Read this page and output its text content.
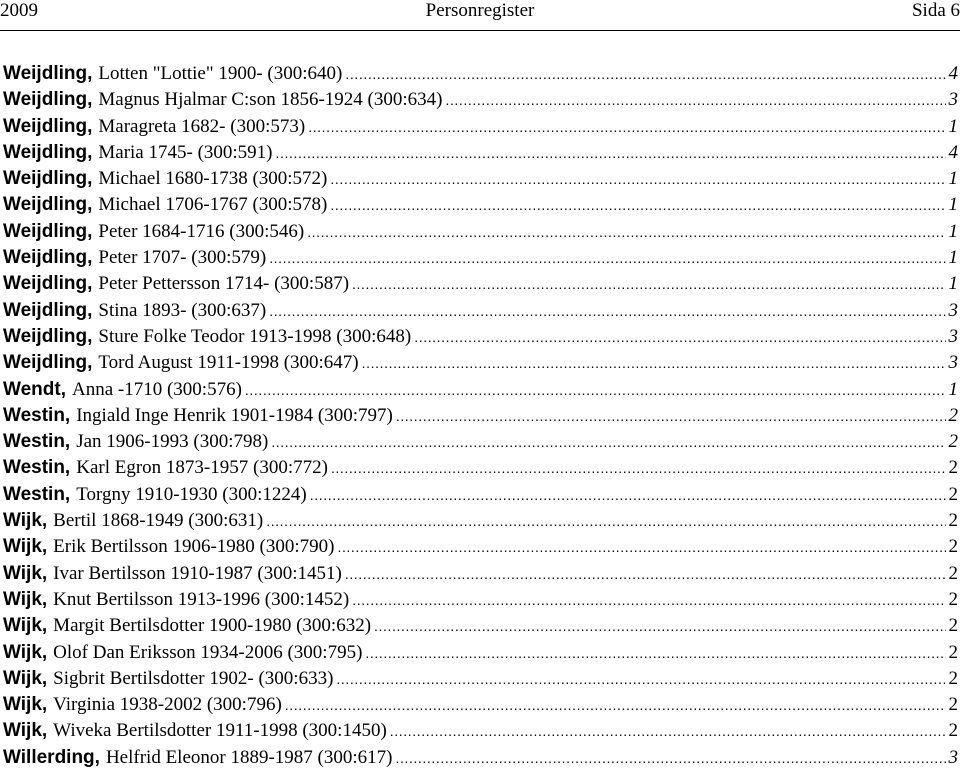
Personregister
2009	Sida 6
Weijdling, Lotten "Lottie" 1900- (300:640) .....	4
Weijdling, Magnus Hjalmar C:son 1856-1924 (300:634) .....	3
Weijdling, Maragreta 1682- (300:573) .....	1
Weijdling, Maria 1745- (300:591) .....	4
Weijdling, Michael 1680-1738 (300:572) .....	1
Weijdling, Michael 1706-1767 (300:578) .....	1
Weijdling, Peter 1684-1716 (300:546) .....	1
Weijdling, Peter 1707- (300:579) .....	1
Weijdling, Peter Pettersson 1714- (300:587) .....	1
Weijdling, Stina 1893- (300:637) .....	3
Weijdling, Sture Folke Teodor 1913-1998 (300:648) .....	3
Weijdling, Tord August 1911-1998 (300:647) .....	3
Wendt, Anna -1710 (300:576) .....	1
Westin, Ingiald Inge Henrik 1901-1984 (300:797) .....	2
Westin, Jan 1906-1993 (300:798) .....	2
Westin, Karl Egron 1873-1957 (300:772) .....	2
Westin, Torgny 1910-1930 (300:1224) .....	2
Wijk, Bertil 1868-1949 (300:631) .....	2
Wijk, Erik Bertilsson 1906-1980 (300:790) .....	2
Wijk, Ivar Bertilsson 1910-1987 (300:1451) .....	2
Wijk, Knut Bertilsson 1913-1996 (300:1452) .....	2
Wijk, Margit Bertilsdotter 1900-1980 (300:632) .....	2
Wijk, Olof Dan Eriksson 1934-2006 (300:795) .....	2
Wijk, Sigbrit Bertilsdotter 1902- (300:633) .....	2
Wijk, Virginia 1938-2002 (300:796) .....	2
Wijk, Wiveka Bertilsdotter 1911-1998 (300:1450) .....	2
Willerding, Helfrid Eleonor 1889-1987 (300:617) .....	3
